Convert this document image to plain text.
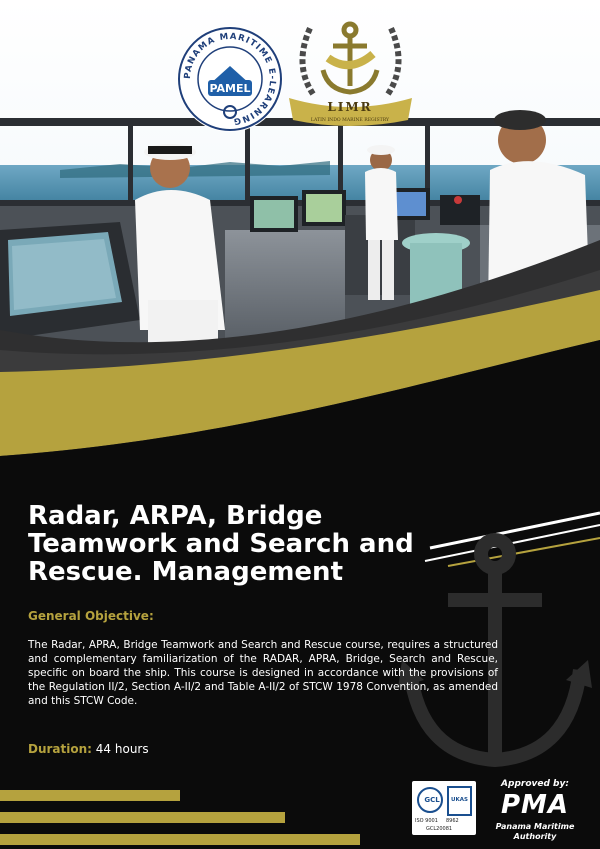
PANAMA MARITIME E-LEARNING
PAMEL
LIMR
LATIN INDO MARINE REGISTRY
Radar, ARPA, Bridge
Teamwork and Search and
Rescue. Management
General Objective:

The Radar, APRA, Bridge Teamwork and Search and Rescue course, requires a structured and complementary familiarization of the RADAR, APRA, Bridge, Search and Rescue, specific on board the ship. This course is designed in accordance with the provisions of the Regulation II/2, Section A-II/2 and Table A-II/2 of STCW 1978 Convention, as amended and this STCW Code.

Duration: 44 hours
GCL	UKAS
ISO 9001 8962
GCL20081
Approved by:
PMA
Panama Maritime
Authority
